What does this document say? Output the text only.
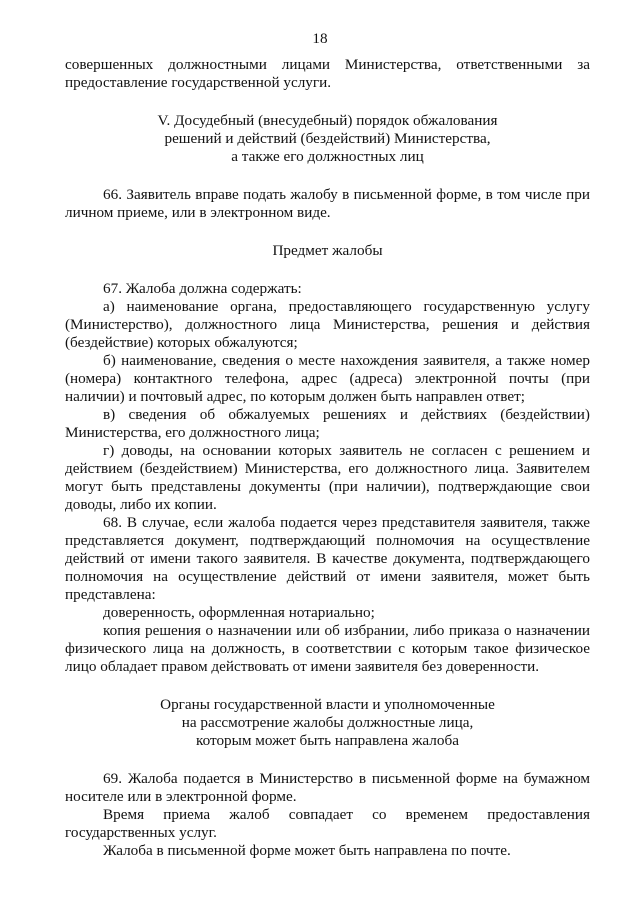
18

совершенных должностными лицами Министерства, ответственными за предоставление государственной услуги.

V. Досудебный (внесудебный) порядок обжалования
решений и действий (бездействий) Министерства,
а также его должностных лиц

66. Заявитель вправе подать жалобу в письменной форме, в том числе при личном приеме, или в электронном виде.

Предмет жалобы

67. Жалоба должна содержать:

а) наименование органа, предоставляющего государственную услугу (Министерство), должностного лица Министерства, решения и действия (бездействие) которых обжалуются;

б) наименование, сведения о месте нахождения заявителя, а также номер (номера) контактного телефона, адрес (адреса) электронной почты (при наличии) и почтовый адрес, по которым должен быть направлен ответ;

в) сведения об обжалуемых решениях и действиях (бездействии) Министерства, его должностного лица;

г) доводы, на основании которых заявитель не согласен с решением и действием (бездействием) Министерства, его должностного лица. Заявителем могут быть представлены документы (при наличии), подтверждающие свои доводы, либо их копии.

68. В случае, если жалоба подается через представителя заявителя, также представляется документ, подтверждающий полномочия на осуществление действий от имени такого заявителя. В качестве документа, подтверждающего полномочия на осуществление действий от имени заявителя, может быть представлена:

доверенность, оформленная нотариально;

копия решения о назначении или об избрании, либо приказа о назначении физического лица на должность, в соответствии с которым такое физическое лицо обладает правом действовать от имени заявителя без доверенности.

Органы государственной власти и уполномоченные
на рассмотрение жалобы должностные лица,
которым может быть направлена жалоба

69. Жалоба подается в Министерство в письменной форме на бумажном носителе или в электронной форме.

Время приема жалоб совпадает со временем предоставления государственных услуг.

Жалоба в письменной форме может быть направлена по почте.
